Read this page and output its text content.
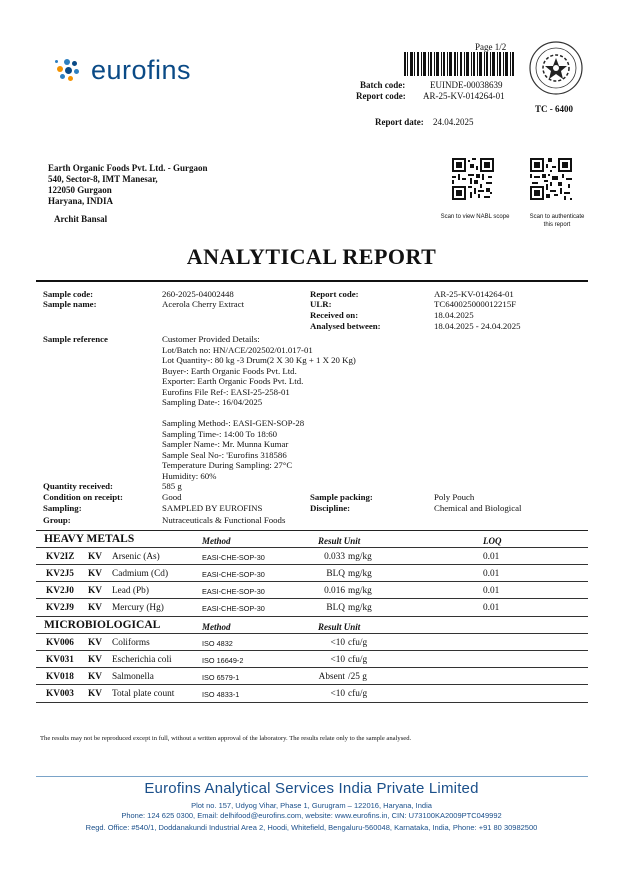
eurofins
Page 1/2
Batch code:	EUINDE-00038639
Report code: AR-25-KV-014264-01
Report date: 24.04.2025
TC - 6400
Earth Organic Foods Pvt. Ltd. - Gurgaon
540, Sector-8, IMT Manesar,
122050 Gurgaon
Haryana, INDIA
Archit Bansal	Scan to view NABL scope	Scan to authenticate
this report
ANALYTICAL REPORT
Sample code:	260-2025-04002448
Sample name:	Acerola Cherry Extract
Report code:	AR-25-KV-014264-01
ULR:	TC640025000012215F
Received on:	18.04.2025
Analysed between:	18.04.2025 - 24.04.2025
Sample reference	Customer Provided Details:
Lot/Batch no: HN/ACE/202502/01.017-01
Lot Quantity-: 80 kg -3 Drum(2 X 30 Kg + 1 X 20 Kg)
Buyer-: Earth Organic Foods Pvt. Ltd.
Exporter: Earth Organic Foods Pvt. Ltd.
Eurofins File Ref-: EASI-25-258-01
Sampling Date-: 16/04/2025
Sampling Method-: EASI-GEN-SOP-28
Sampling Time-: 14:00 To 18:60
Sampler Name-: Mr. Munna Kumar
Sample Seal No-: 'Eurofins 318586
Temperature During Sampling: 27°C
Humidity: 60%
Quantity received:	585 g
Condition on receipt:	Good	Sample packing:	Poly Pouch
Sampling:	SAMPLED BY EUROFINS	Discipline:	Chemical and Biological
Group:	Nutraceuticals & Functional Foods
HEAVY METALS	Method	Result Unit	LOQ
KV2IZ KV Arsenic (As)	EASI-CHE-SOP-30	0.033 mg/kg	0.01
KV2J5 KV Cadmium (Cd)	EASI-CHE-SOP-30	BLQ mg/kg	0.01
KV2J0 KV Lead (Pb)	EASI-CHE-SOP-30	0.016 mg/kg	0.01
KV2J9 KV Mercury (Hg)	EASI-CHE-SOP-30	BLQ mg/kg	0.01
MICROBIOLOGICAL	Method	Result Unit
KV006 KV Coliforms	ISO 4832	<10 cfu/g
KV031 KV Escherichia coli	ISO 16649-2	<10 cfu/g
KV018 KV Salmonella	ISO 6579-1	Absent /25 g
KV003 KV Total plate count	ISO 4833-1	<10 cfu/g
The results may not be reproduced except in full, without a written approval of the laboratory. The results relate only to the sample analysed.
Eurofins Analytical Services India Private Limited
Plot no. 157, Udyog Vihar, Phase 1, Gurugram – 122016, Haryana, India
Phone: 124 625 0300, Email: delhifood@eurofins.com, website: www.eurofins.in, CIN: U73100KA2009PTC049992
Regd. Office: #540/1, Doddanakundi Industrial Area 2, Hoodi, Whitefield, Bengaluru-560048, Karnataka, India, Phone: +91 80 30982500
